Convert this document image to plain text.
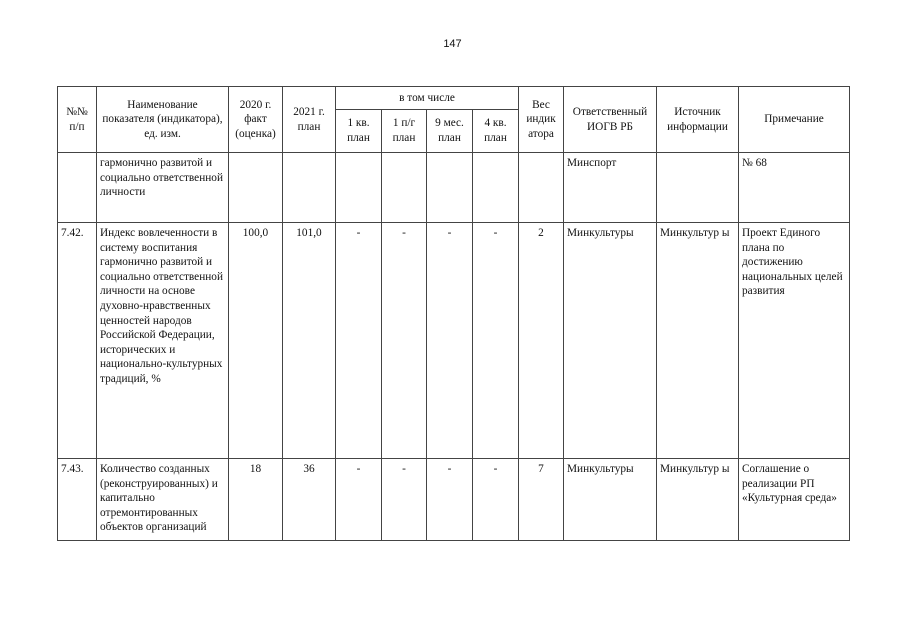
147
№№ п/п	Наименование показателя (индикатора), ед. изм.	2020 г. факт (оценка)	2021 г. план	в том числе				Вес индик атора	Ответственный ИОГВ РБ	Источник информации	Примечание
				1 кв. план	1 п/г план	9 мес. план	4 кв. план				
	гармонично развитой и социально ответственной личности								Минспорт		№ 68
7.42.	Индекс вовлеченности в систему воспитания гармонично развитой и социально ответственной личности на основе духовно-нравственных ценностей народов Российской Федерации, исторических и национально-культурных традиций, %	100,0	101,0	-	-	-	-	2	Минкультуры	Минкультур ы	Проект Единого плана по достижению национальных целей развития
7.43.	Количество созданных (реконструированных) и капитально отремонтированных объектов организаций	18	36	-	-	-	-	7	Минкультуры	Минкультур ы	Соглашение о реализации РП «Культурная среда»
